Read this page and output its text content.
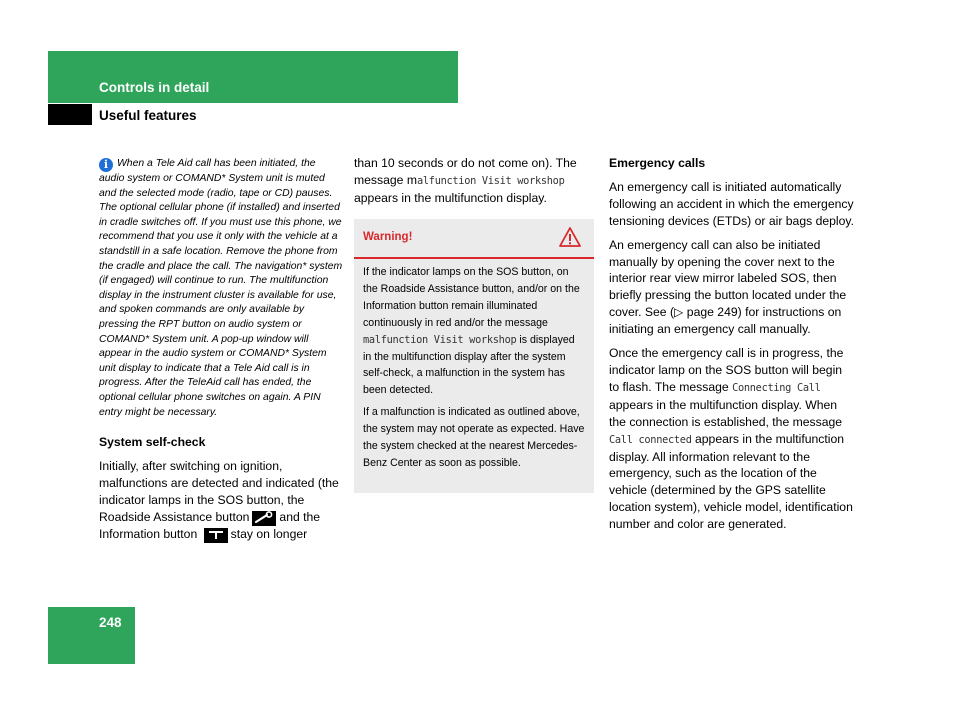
Controls in detail
Useful features

i When a Tele Aid call has been initiated, the audio system or COMAND* System unit is muted and the selected mode (radio, tape or CD) pauses. The optional cellular phone (if installed) and inserted in cradle switches off. If you must use this phone, we recommend that you use it only with the vehicle at a standstill in a safe location. Remove the phone from the cradle and place the call. The navigation* system (if engaged) will continue to run. The multifunction display in the instrument cluster is available for use, and spoken commands are only available by pressing the RPT button on audio system or COMAND* System unit. A pop-up window will appear in the audio system or COMAND* System unit display to indicate that a Tele Aid call is in progress. After the TeleAid call has ended, the optional cellular phone switches on again. A PIN entry might be necessary.

System self-check

Initially, after switching on ignition, malfunctions are detected and indicated (the indicator lamps in the SOS button, the Roadside Assistance button and the Information button	stay on longer

than 10 seconds or do not come on). The message malfunction Visit workshop appears in the multifunction display.

Warning!

If the indicator lamps on the SOS button, on the Roadside Assistance button, and/or on the Information button remain illuminated continuously in red and/or the message malfunction Visit workshop is displayed in the multifunction display after the system self-check, a malfunction in the system has been detected.

If a malfunction is indicated as outlined above, the system may not operate as expected. Have the system checked at the nearest Mercedes-Benz Center as soon as possible.

Emergency calls

An emergency call is initiated automatically following an accident in which the emergency tensioning devices (ETDs) or air bags deploy.

An emergency call can also be initiated manually by opening the cover next to the interior rear view mirror labeled SOS, then briefly pressing the button located under the cover. See (▷ page 249) for instructions on initiating an emergency call manually.

Once the emergency call is in progress, the indicator lamp on the SOS button will begin to flash. The message Connecting Call appears in the multifunction display. When the connection is established, the message Call connected appears in the multifunction display. All information relevant to the emergency, such as the location of the vehicle (determined by the GPS satellite location system), vehicle model, identification number and color are generated.

248
